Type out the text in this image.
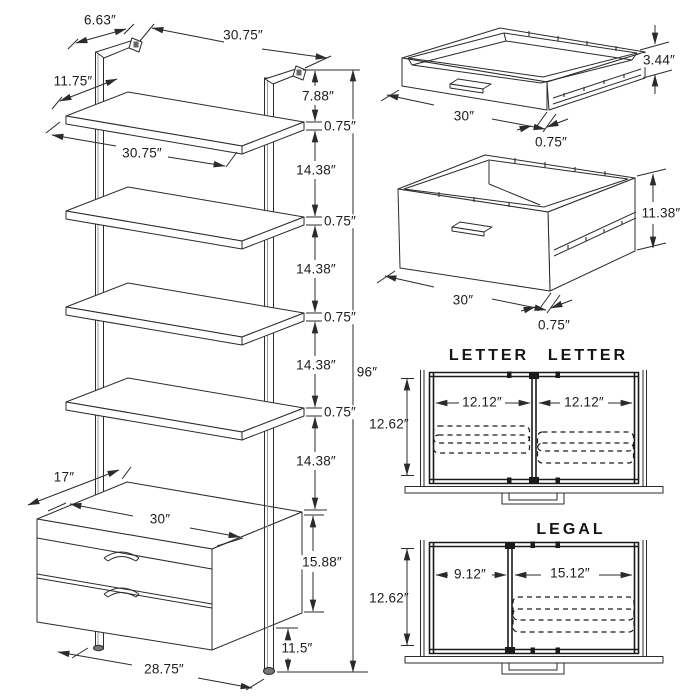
6.63″
30.75″
11.75″
7.88″
0.75″
14.38″
0.75″
14.38″
0.75″
14.38″
0.75″
14.38″
96″
30.75″
17″
30″
15.88″
11.5″
28.75″
3.44″
30″
0.75″
11.38″
30″
0.75″
LETTER LETTER
12.12″	12.12″
12.62″
LEGAL
9.12″	15.12″
12.62″
